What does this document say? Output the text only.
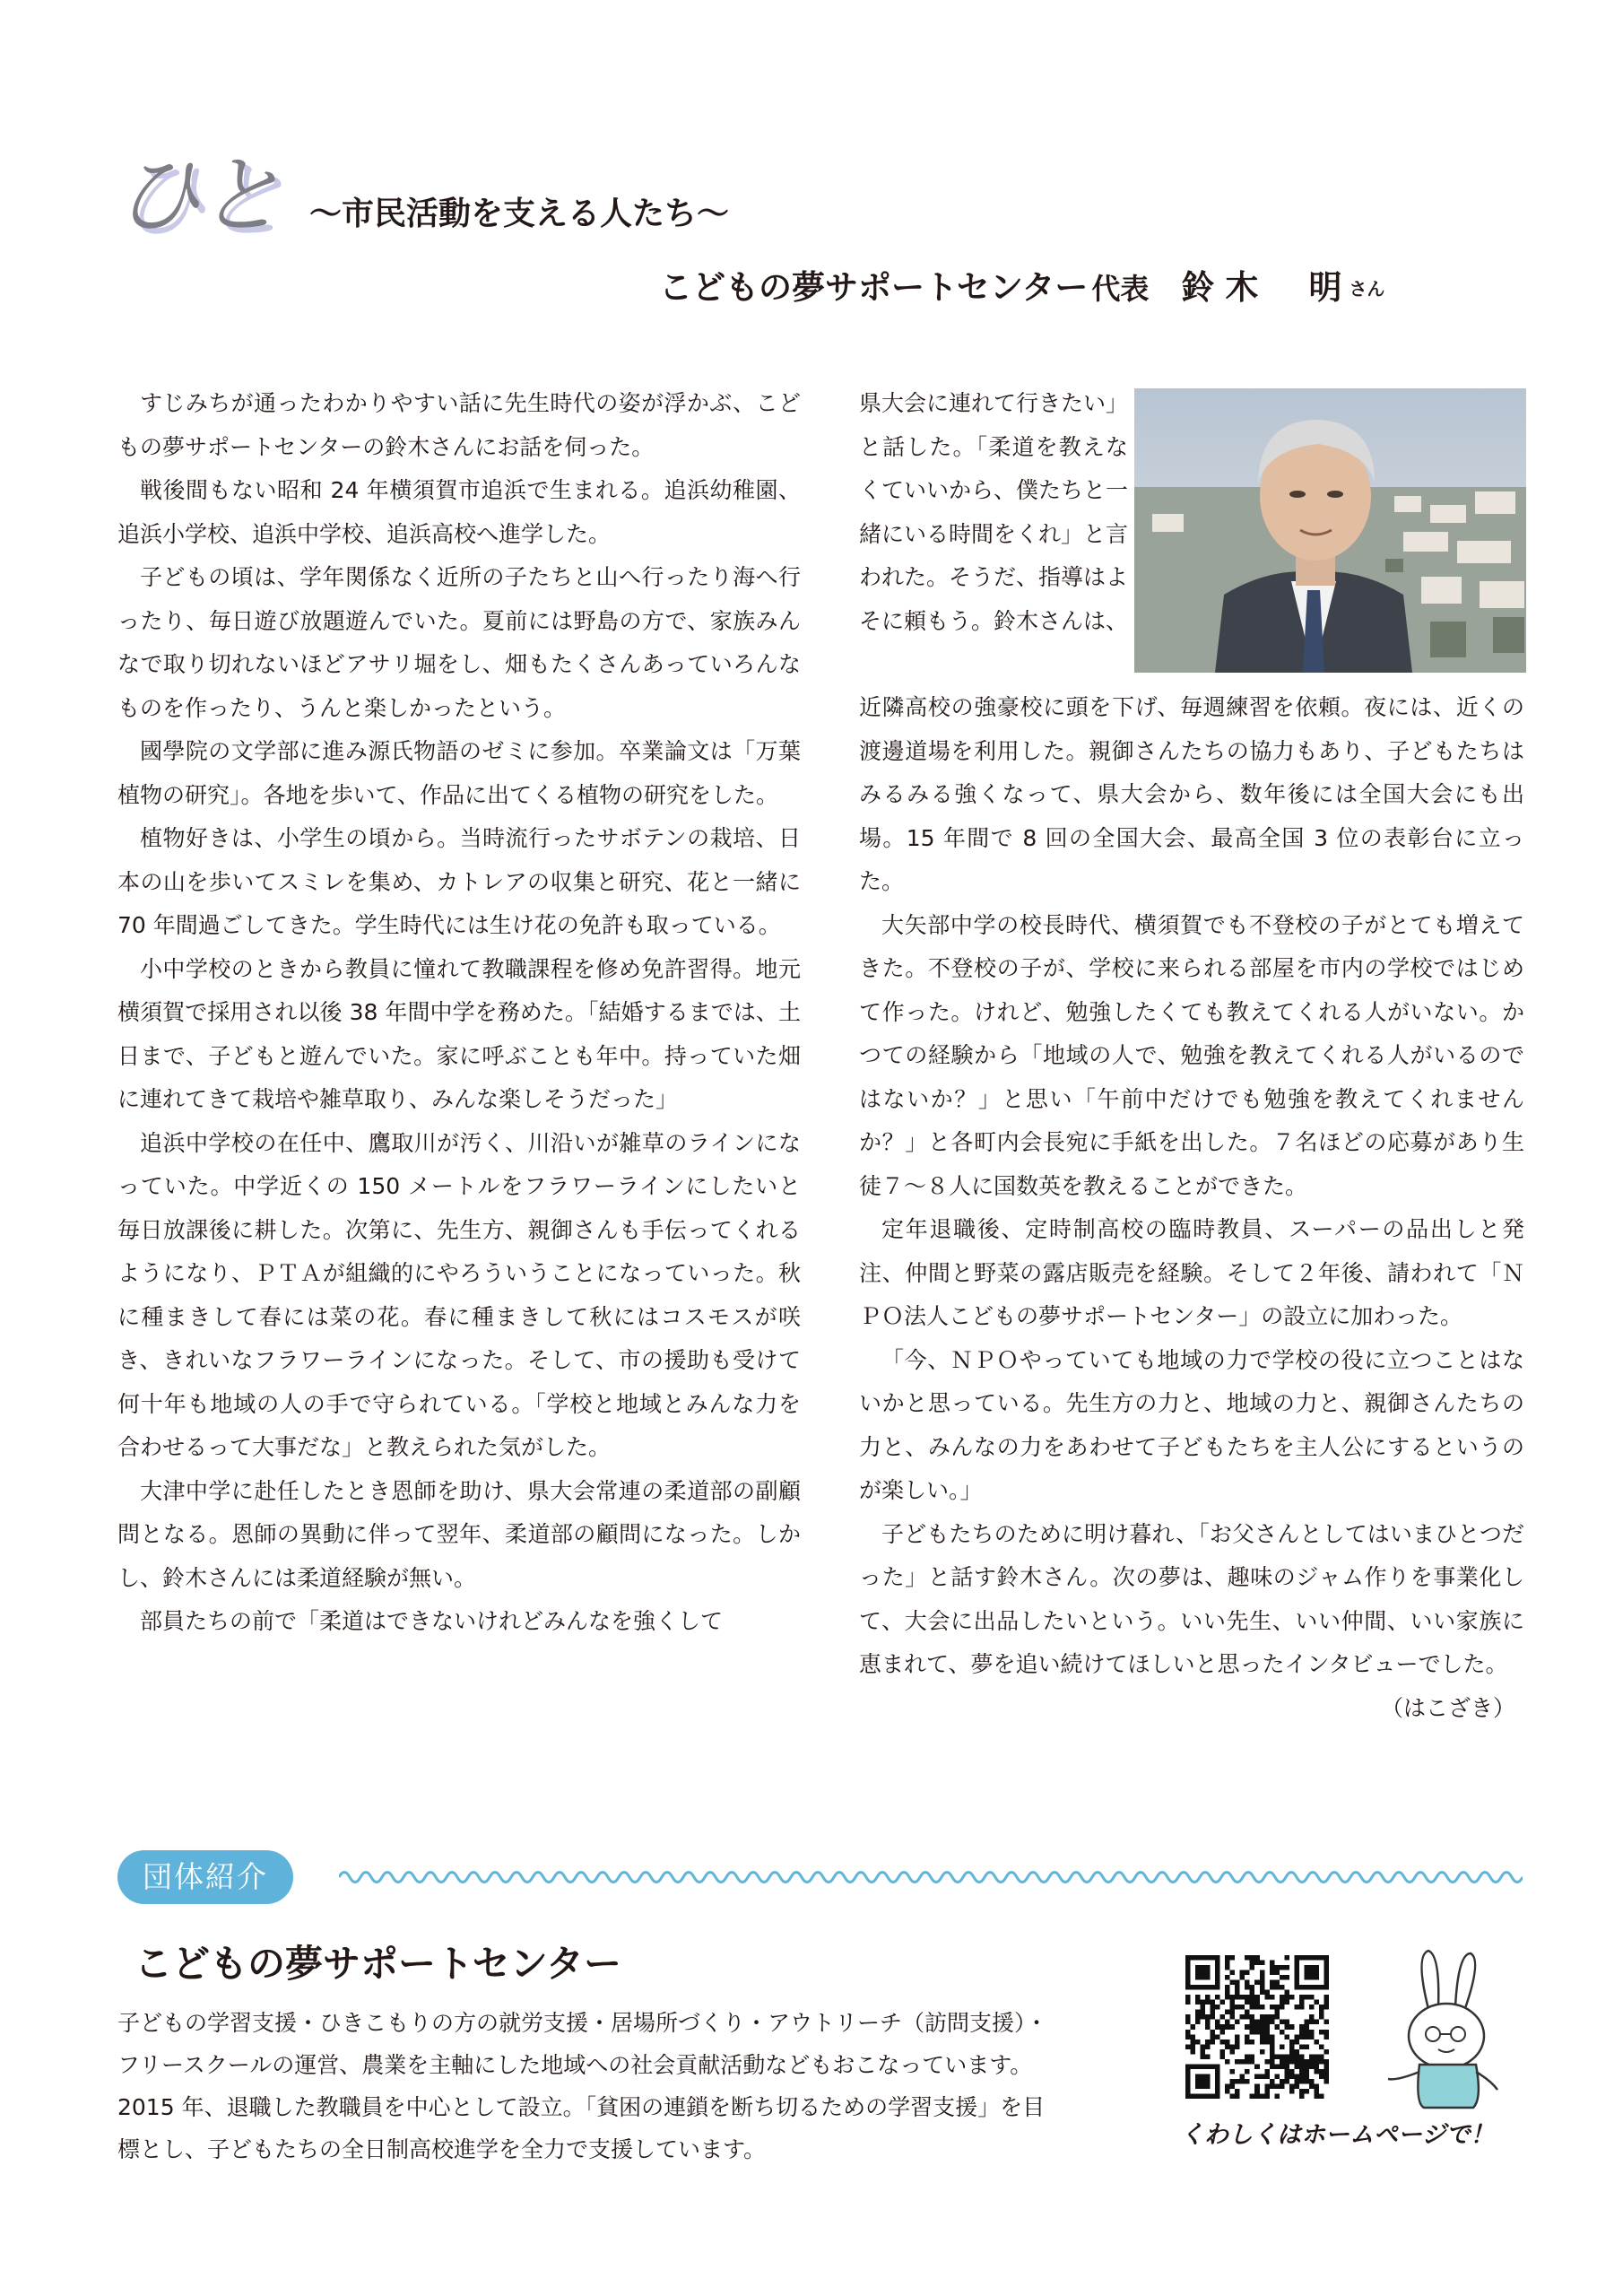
ひと ～市民活動を支える人たち～
こどもの夢サポートセンター 代表 鈴木 明 さん

すじみちが通ったわかりやすい話に先生時代の姿が浮かぶ、こどもの夢サポートセンターの鈴木さんにお話を伺った。

戦後間もない昭和 24 年横須賀市追浜で生まれる。追浜幼稚園、追浜小学校、追浜中学校、追浜高校へ進学した。

子どもの頃は、学年関係なく近所の子たちと山へ行ったり海へ行ったり、毎日遊び放題遊んでいた。夏前には野島の方で、家族みんなで取り切れないほどアサリ堀をし、畑もたくさんあっていろんなものを作ったり、うんと楽しかったという。

國學院の文学部に進み源氏物語のゼミに参加。卒業論文は「万葉植物の研究」。各地を歩いて、作品に出てくる植物の研究をした。

植物好きは、小学生の頃から。当時流行ったサボテンの栽培、日本の山を歩いてスミレを集め、カトレアの収集と研究、花と一緒に 70 年間過ごしてきた。学生時代には生け花の免許も取っている。

小中学校のときから教員に憧れて教職課程を修め免許習得。地元横須賀で採用され以後 38 年間中学を務めた。「結婚するまでは、土日まで、子どもと遊んでいた。家に呼ぶことも年中。持っていた畑に連れてきて栽培や雑草取り、みんな楽しそうだった」

追浜中学校の在任中、鷹取川が汚く、川沿いが雑草のラインになっていた。中学近くの 150 メートルをフラワーラインにしたいと毎日放課後に耕した。次第に、先生方、親御さんも手伝ってくれるようになり、ＰＴＡが組織的にやろういうことになっていった。秋に種まきして春には菜の花。春に種まきして秋にはコスモスが咲き、きれいなフラワーラインになった。そして、市の援助も受けて何十年も地域の人の手で守られている。「学校と地域とみんな力を合わせるって大事だな」と教えられた気がした。

大津中学に赴任したとき恩師を助け、県大会常連の柔道部の副顧問となる。恩師の異動に伴って翌年、柔道部の顧問になった。しかし、鈴木さんには柔道経験が無い。

部員たちの前で「柔道はできないけれどみんなを強くして

県大会に連れて行きたい」と話した。「柔道を教えなくていいから、僕たちと一緒にいる時間をくれ」と言われた。そうだ、指導はよそに頼もう。鈴木さんは、

近隣高校の強豪校に頭を下げ、毎週練習を依頼。夜には、近くの渡邊道場を利用した。親御さんたちの協力もあり、子どもたちはみるみる強くなって、県大会から、数年後には全国大会にも出場。15 年間で 8 回の全国大会、最高全国 3 位の表彰台に立った。

大矢部中学の校長時代、横須賀でも不登校の子がとても増えてきた。不登校の子が、学校に来られる部屋を市内の学校ではじめて作った。けれど、勉強したくても教えてくれる人がいない。かつての経験から「地域の人で、勉強を教えてくれる人がいるのではないか？」と思い「午前中だけでも勉強を教えてくれませんか？」と各町内会長宛に手紙を出した。７名ほどの応募があり生徒７～８人に国数英を教えることができた。

定年退職後、定時制高校の臨時教員、スーパーの品出しと発注、仲間と野菜の露店販売を経験。そして２年後、請われて「ＮＰＯ法人こどもの夢サポートセンター」の設立に加わった。

「今、ＮＰＯやっていても地域の力で学校の役に立つことはないかと思っている。先生方の力と、地域の力と、親御さんたちの力と、みんなの力をあわせて子どもたちを主人公にするというのが楽しい。」

子どもたちのために明け暮れ、「お父さんとしてはいまひとつだった」と話す鈴木さん。次の夢は、趣味のジャム作りを事業化して、大会に出品したいという。いい先生、いい仲間、いい家族に恵まれて、夢を追い続けてほしいと思ったインタビューでした。

（はこざき）
団体紹介
こどもの夢サポートセンター
子どもの学習支援・ひきこもりの方の就労支援・居場所づくり・アウトリーチ（訪問支援）・
フリースクールの運営、農業を主軸にした地域への社会貢献活動などもおこなっています。
2015 年、退職した教職員を中心として設立。「貧困の連鎖を断ち切るための学習支援」を目
標とし、子どもたちの全日制高校進学を全力で支援しています。
くわしくはホームページで！
